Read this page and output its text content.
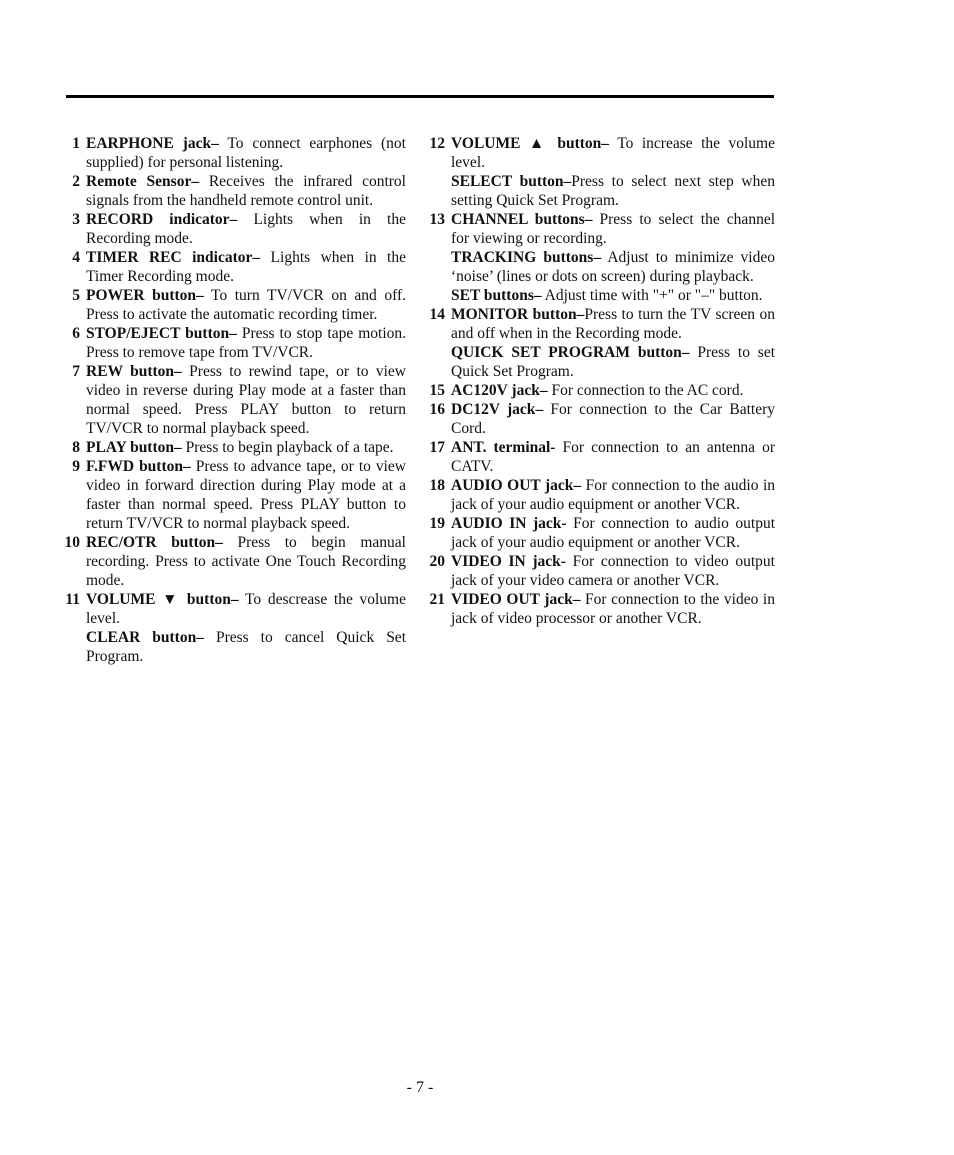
1 EARPHONE jack– To connect earphones (not supplied) for personal listening.
2 Remote Sensor– Receives the infrared control signals from the handheld remote control unit.
3 RECORD indicator– Lights when in the Recording mode.
4 TIMER REC indicator– Lights when in the Timer Recording mode.
5 POWER button– To turn TV/VCR on and off. Press to activate the automatic recording timer.
6 STOP/EJECT button– Press to stop tape motion. Press to remove tape from TV/VCR.
7 REW button– Press to rewind tape, or to view video in reverse during Play mode at a faster than normal speed. Press PLAY button to return TV/VCR to normal playback speed.
8 PLAY button– Press to begin playback of a tape.
9 F.FWD button– Press to advance tape, or to view video in forward direction during Play mode at a faster than normal speed. Press PLAY button to return TV/VCR to normal playback speed.
10 REC/OTR button– Press to begin manual recording. Press to activate One Touch Recording mode.
11 VOLUME ▼ button– To descrease the volume level.
CLEAR button– Press to cancel Quick Set Program.
12 VOLUME ▲ button– To increase the volume level.
SELECT button–Press to select next step when setting Quick Set Program.
13 CHANNEL buttons– Press to select the channel for viewing or recording.
TRACKING buttons– Adjust to minimize video ‘noise’ (lines or dots on screen) during playback.
SET buttons– Adjust time with "+" or "–" button.
14 MONITOR button–Press to turn the TV screen on and off when in the Recording mode.
QUICK SET PROGRAM button– Press to set Quick Set Program.
15 AC120V jack– For connection to the AC cord.
16 DC12V jack– For connection to the Car Battery Cord.
17 ANT. terminal- For connection to an antenna or CATV.
18 AUDIO OUT jack– For connection to the audio in jack of your audio equipment or another VCR.
19 AUDIO IN jack- For connection to audio output jack of your audio equipment or another VCR.
20 VIDEO IN jack- For connection to video output jack of your video camera or another VCR.
21 VIDEO OUT jack– For connection to the video in jack of video processor or another VCR.
- 7 -
